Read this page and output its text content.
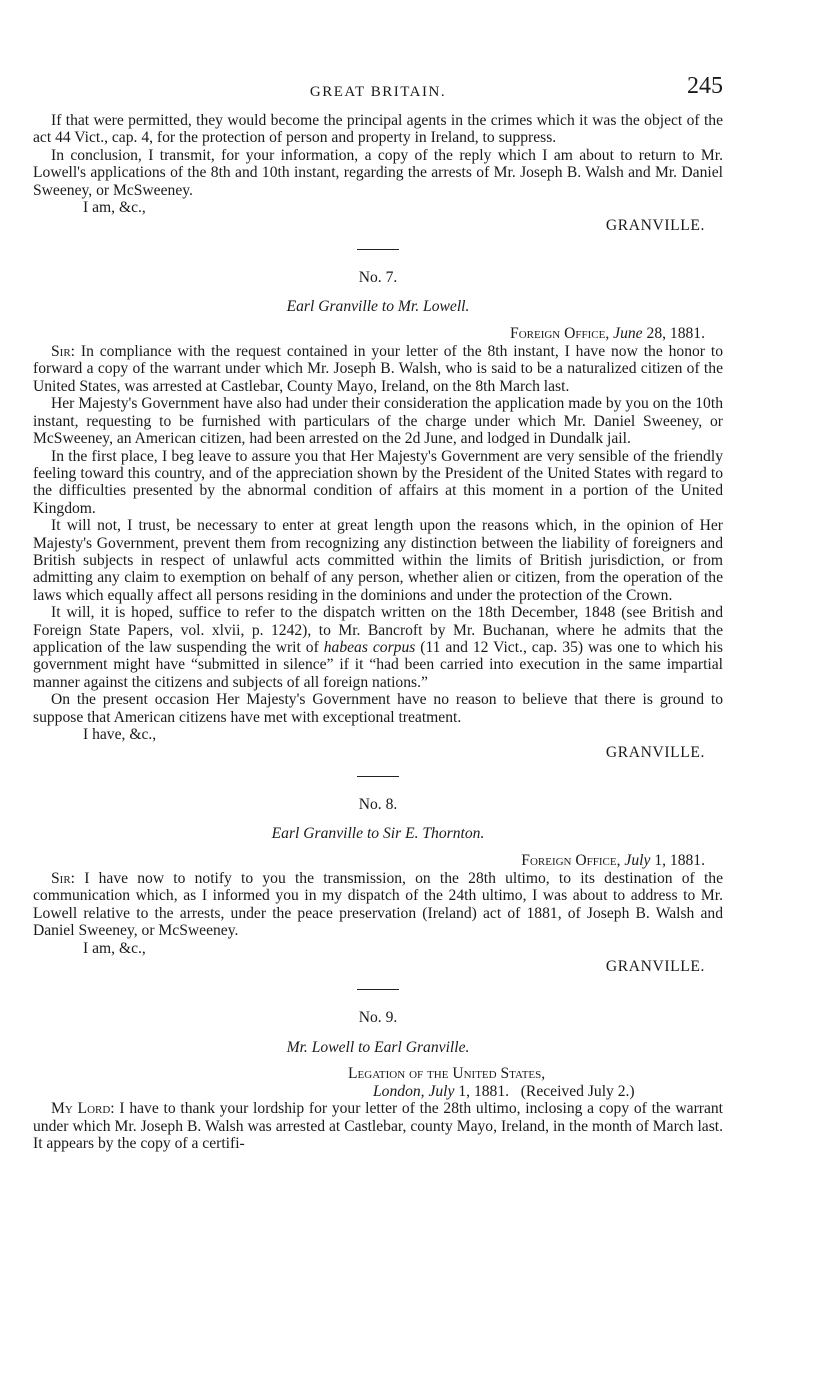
GREAT BRITAIN.	245

If that were permitted, they would become the principal agents in the crimes which it was the object of the act 44 Vict., cap. 4, for the protection of person and property in Ireland, to suppress.

In conclusion, I transmit, for your information, a copy of the reply which I am about to return to Mr. Lowell's applications of the 8th and 10th instant, regarding the arrests of Mr. Joseph B. Walsh and Mr. Daniel Sweeney, or McSweeney.

I am, &c.,

GRANVILLE.

No. 7.
Earl Granville to Mr. Lowell.
Foreign Office, June 28, 1881.

Sir: In compliance with the request contained in your letter of the 8th instant, I have now the honor to forward a copy of the warrant under which Mr. Joseph B. Walsh, who is said to be a naturalized citizen of the United States, was arrested at Castlebar, County Mayo, Ireland, on the 8th March last.

Her Majesty's Government have also had under their consideration the application made by you on the 10th instant, requesting to be furnished with particulars of the charge under which Mr. Daniel Sweeney, or McSweeney, an American citizen, had been arrested on the 2d June, and lodged in Dundalk jail.

In the first place, I beg leave to assure you that Her Majesty's Government are very sensible of the friendly feeling toward this country, and of the appreciation shown by the President of the United States with regard to the difficulties presented by the abnormal condition of affairs at this moment in a portion of the United Kingdom.

It will not, I trust, be necessary to enter at great length upon the reasons which, in the opinion of Her Majesty's Government, prevent them from recognizing any distinction between the liability of foreigners and British subjects in respect of unlawful acts committed within the limits of British jurisdiction, or from admitting any claim to exemption on behalf of any person, whether alien or citizen, from the operation of the laws which equally affect all persons residing in the dominions and under the protection of the Crown.

It will, it is hoped, suffice to refer to the dispatch written on the 18th December, 1848 (see British and Foreign State Papers, vol. xlvii, p. 1242), to Mr. Bancroft by Mr. Buchanan, where he admits that the application of the law suspending the writ of habeas corpus (11 and 12 Vict., cap. 35) was one to which his government might have “submitted in silence” if it “had been carried into execution in the same impartial manner against the citizens and subjects of all foreign nations.”

On the present occasion Her Majesty's Government have no reason to believe that there is ground to suppose that American citizens have met with exceptional treatment.

I have, &c.,

GRANVILLE.

No. 8.
Earl Granville to Sir E. Thornton.
Foreign Office, July 1, 1881.

Sir: I have now to notify to you the transmission, on the 28th ultimo, to its destination of the communication which, as I informed you in my dispatch of the 24th ultimo, I was about to address to Mr. Lowell relative to the arrests, under the peace preservation (Ireland) act of 1881, of Joseph B. Walsh and Daniel Sweeney, or McSweeney.

I am, &c.,

GRANVILLE.

No. 9.
Mr. Lowell to Earl Granville.
Legation of the United States,
London, July 1, 1881. (Received July 2.)

My Lord: I have to thank your lordship for your letter of the 28th ultimo, inclosing a copy of the warrant under which Mr. Joseph B. Walsh was arrested at Castlebar, county Mayo, Ireland, in the month of March last. It appears by the copy of a certifi-
